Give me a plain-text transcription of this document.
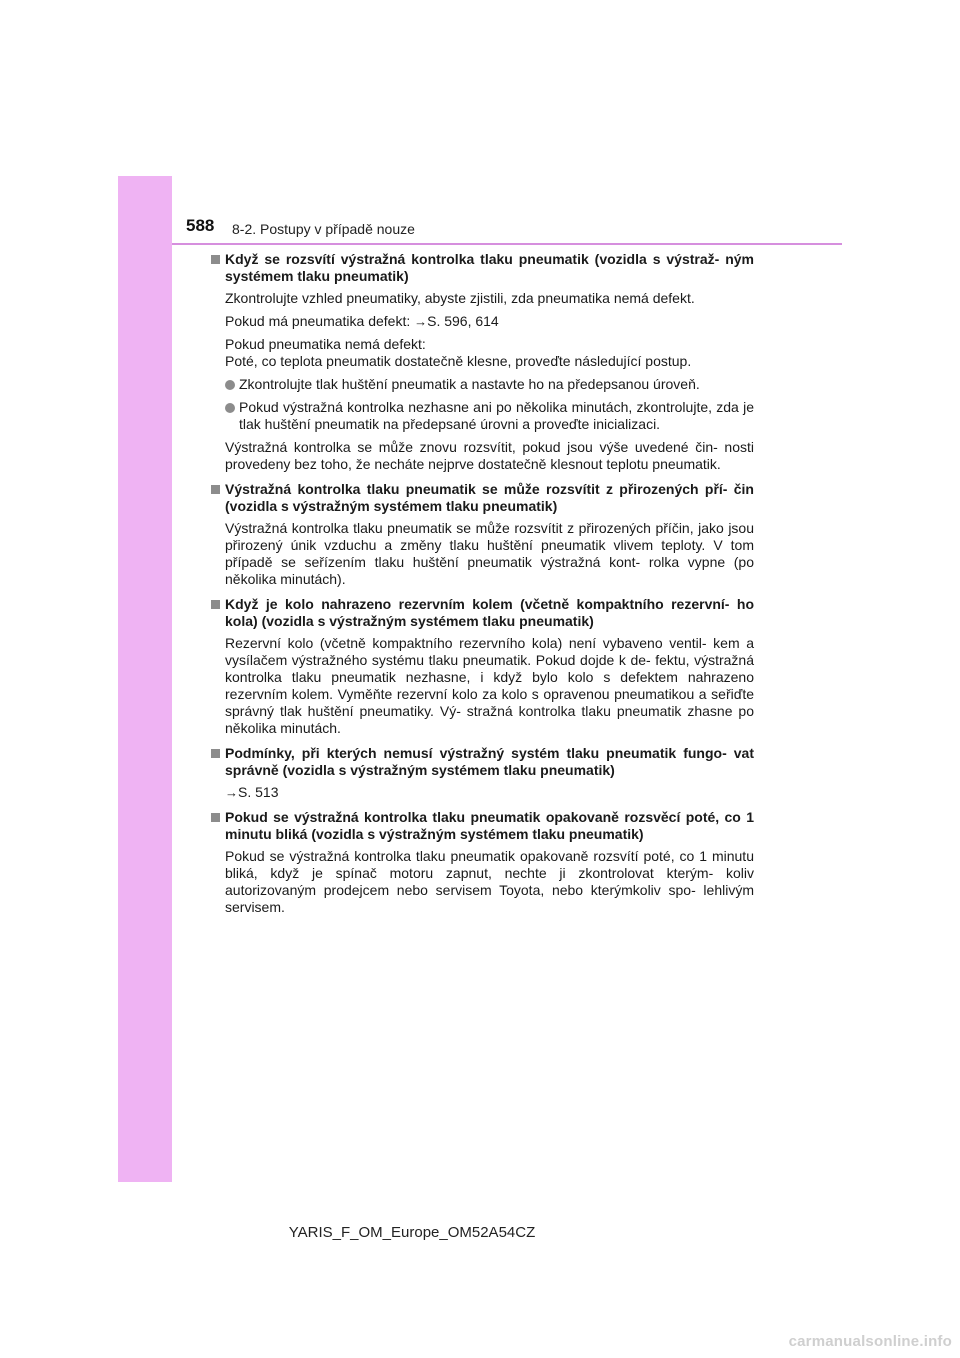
588 8-2. Postupy v případě nouze
Když se rozsvítí výstražná kontrolka tlaku pneumatik (vozidla s výstraž- ným systémem tlaku pneumatik)
Zkontrolujte vzhled pneumatiky, abyste zjistili, zda pneumatika nemá defekt.
Pokud má pneumatika defekt: →S. 596, 614
Pokud pneumatika nemá defekt:
Poté, co teplota pneumatik dostatečně klesne, proveďte následující postup.
Zkontrolujte tlak huštění pneumatik a nastavte ho na předepsanou úroveň.
Pokud výstražná kontrolka nezhasne ani po několika minutách, zkontrolujte, zda je tlak huštění pneumatik na předepsané úrovni a proveďte inicializaci.
Výstražná kontrolka se může znovu rozsvítit, pokud jsou výše uvedené čin- nosti provedeny bez toho, že necháte nejprve dostatečně klesnout teplotu pneumatik.
Výstražná kontrolka tlaku pneumatik se může rozsvítit z přirozených pří- čin (vozidla s výstražným systémem tlaku pneumatik)
Výstražná kontrolka tlaku pneumatik se může rozsvítit z přirozených příčin, jako jsou přirozený únik vzduchu a změny tlaku huštění pneumatik vlivem teploty. V tom případě se seřízením tlaku huštění pneumatik výstražná kont- rolka vypne (po několika minutách).
Když je kolo nahrazeno rezervním kolem (včetně kompaktního rezervní- ho kola) (vozidla s výstražným systémem tlaku pneumatik)
Rezervní kolo (včetně kompaktního rezervního kola) není vybaveno ventil- kem a vysílačem výstražného systému tlaku pneumatik. Pokud dojde k de- fektu, výstražná kontrolka tlaku pneumatik nezhasne, i když bylo kolo s defektem nahrazeno rezervním kolem. Vyměňte rezervní kolo za kolo s opravenou pneumatikou a seřiďte správný tlak huštění pneumatiky. Vý- stražná kontrolka tlaku pneumatik zhasne po několika minutách.
Podmínky, při kterých nemusí výstražný systém tlaku pneumatik fungo- vat správně (vozidla s výstražným systémem tlaku pneumatik)
→S. 513
Pokud se výstražná kontrolka tlaku pneumatik opakovaně rozsvěcí poté, co 1 minutu bliká (vozidla s výstražným systémem tlaku pneumatik)
Pokud se výstražná kontrolka tlaku pneumatik opakovaně rozsvítí poté, co 1 minutu bliká, když je spínač motoru zapnut, nechte ji zkontrolovat kterým- koliv autorizovaným prodejcem nebo servisem Toyota, nebo kterýmkoliv spo- lehlivým servisem.
YARIS_F_OM_Europe_OM52A54CZ
carmanualsonline.info
